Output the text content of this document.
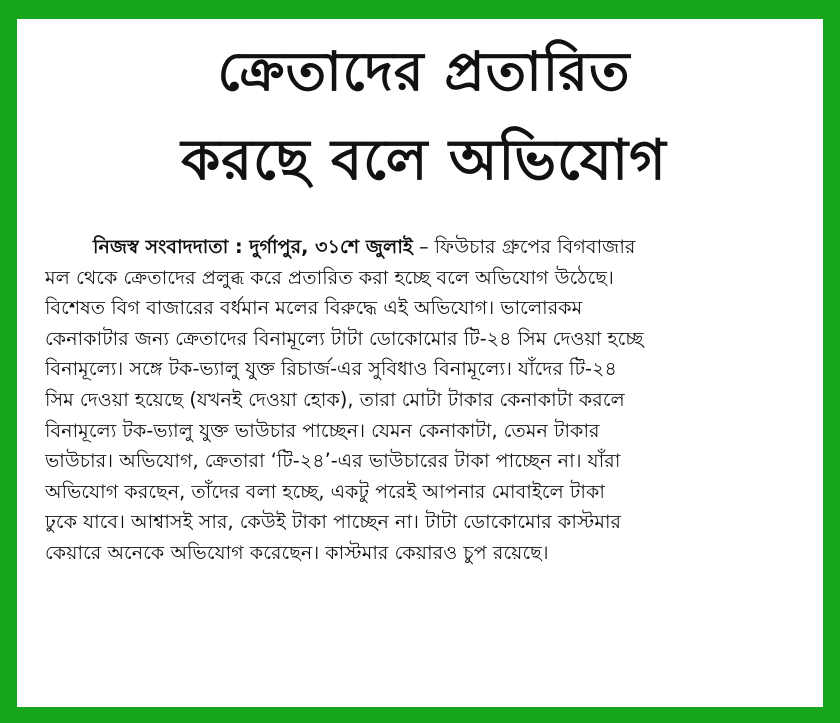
ক্রেতাদের প্রতারিত
করছে বলে অভিযোগ
নিজস্ব সংবাদদাতা : দুর্গাপুর, ৩১শে জুলাই – ফিউচার গ্রুপের বিগবাজার
মল থেকে ক্রেতাদের প্রলুব্ধ করে প্রতারিত করা হচ্ছে বলে অভিযোগ উঠেছে।
বিশেষত বিগ বাজারের বর্ধমান মলের বিরুদ্ধে এই অভিযোগ। ভালোরকম
কেনাকাটার জন্য ক্রেতাদের বিনামূল্যে টাটা ডোকোমোর টি-২৪ সিম দেওয়া হচ্ছে
বিনামূল্যে। সঙ্গে টক-ভ্যালু যুক্ত রিচার্জ-এর সুবিধাও বিনামূল্যে। যাঁদের টি-২৪
সিম দেওয়া হয়েছে (যখনই দেওয়া হোক), তারা মোটা টাকার কেনাকাটা করলে
বিনামূল্যে টক-ভ্যালু যুক্ত ভাউচার পাচ্ছেন। যেমন কেনাকাটা, তেমন টাকার
ভাউচার। অভিযোগ, ক্রেতারা ‘টি-২৪’-এর ভাউচারের টাকা পাচ্ছেন না। যাঁরা
অভিযোগ করছেন, তাঁদের বলা হচ্ছে, একটু পরেই আপনার মোবাইলে টাকা
ঢুকে যাবে। আশ্বাসই সার, কেউই টাকা পাচ্ছেন না। টাটা ডোকোমোর কাস্টমার
কেয়ারে অনেকে অভিযোগ করেছেন। কাস্টমার কেয়ারও চুপ রয়েছে।
